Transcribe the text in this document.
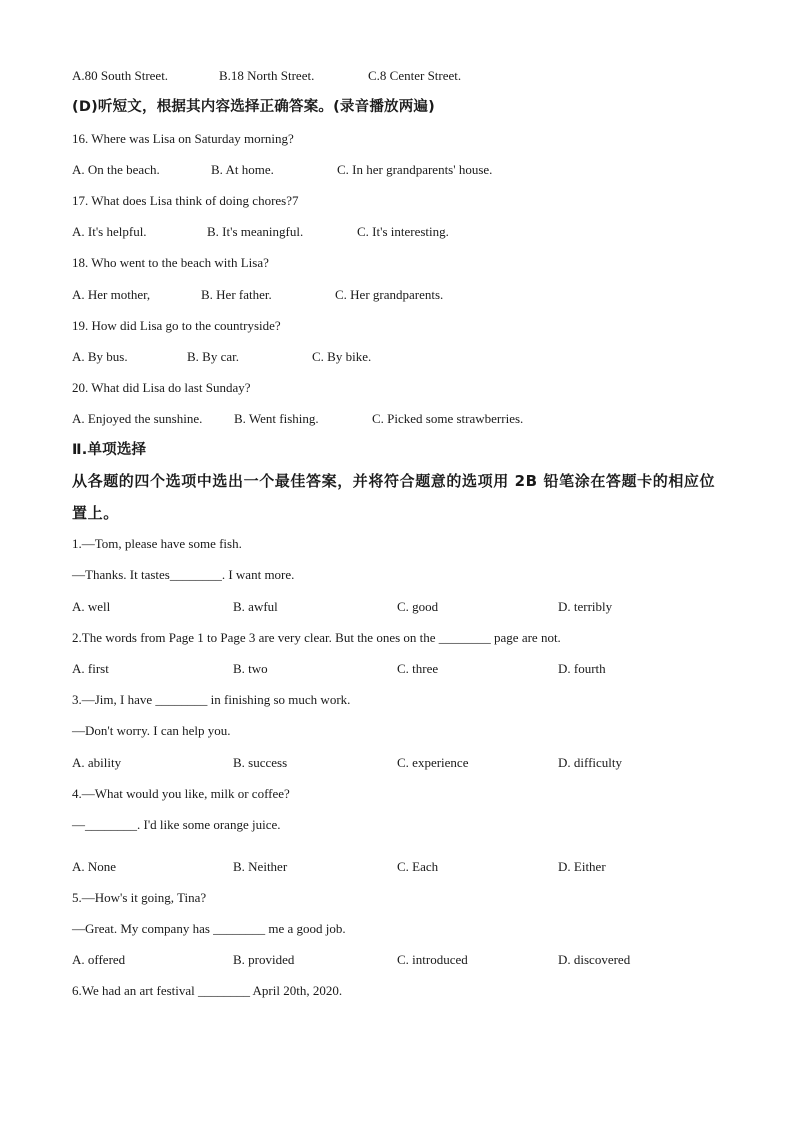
A.80 South Street.	B.18 North Street.	C.8 Center Street.
(D)听短文，根据其内容选择正确答案。(录音播放两遍)
16. Where was Lisa on Saturday morning?
A. On the beach.	B. At home.	C. In her grandparents' house.
17. What does Lisa think of doing chores?7
A. It's helpful.	B. It's meaningful.	C. It's interesting.
18. Who went to the beach with Lisa?
A. Her mother,	B. Her father.	C. Her grandparents.
19. How did Lisa go to the countryside?
A. By bus.	B. By car.	C. By bike.
20. What did Lisa do last Sunday?
A. Enjoyed the sunshine. B. Went fishing.	C. Picked some strawberries.
Ⅱ.单项选择
从各题的四个选项中选出一个最佳答案，并将符合题意的选项用 2B 铅笔涂在答题卡的相应位
置上。
1.—Tom, please have some fish.
—Thanks. It tastes________. I want more.
A. well	B. awful	C. good	D. terribly
2.The words from Page 1 to Page 3 are very clear. But the ones on the ________ page are not.
A. first	B. two	C. three	D. fourth
3.—Jim, I have ________ in finishing so much work.
—Don't worry. I can help you.
A. ability	B. success	C. experience	D. difficulty
4.—What would you like, milk or coffee?
—________. I'd like some orange juice.
A. None	B. Neither	C. Each	D. Either
5.—How's it going, Tina?
—Great. My company has ________ me a good job.
A. offered	B. provided	C. introduced	D. discovered
6.We had an art festival ________ April 20th, 2020.
